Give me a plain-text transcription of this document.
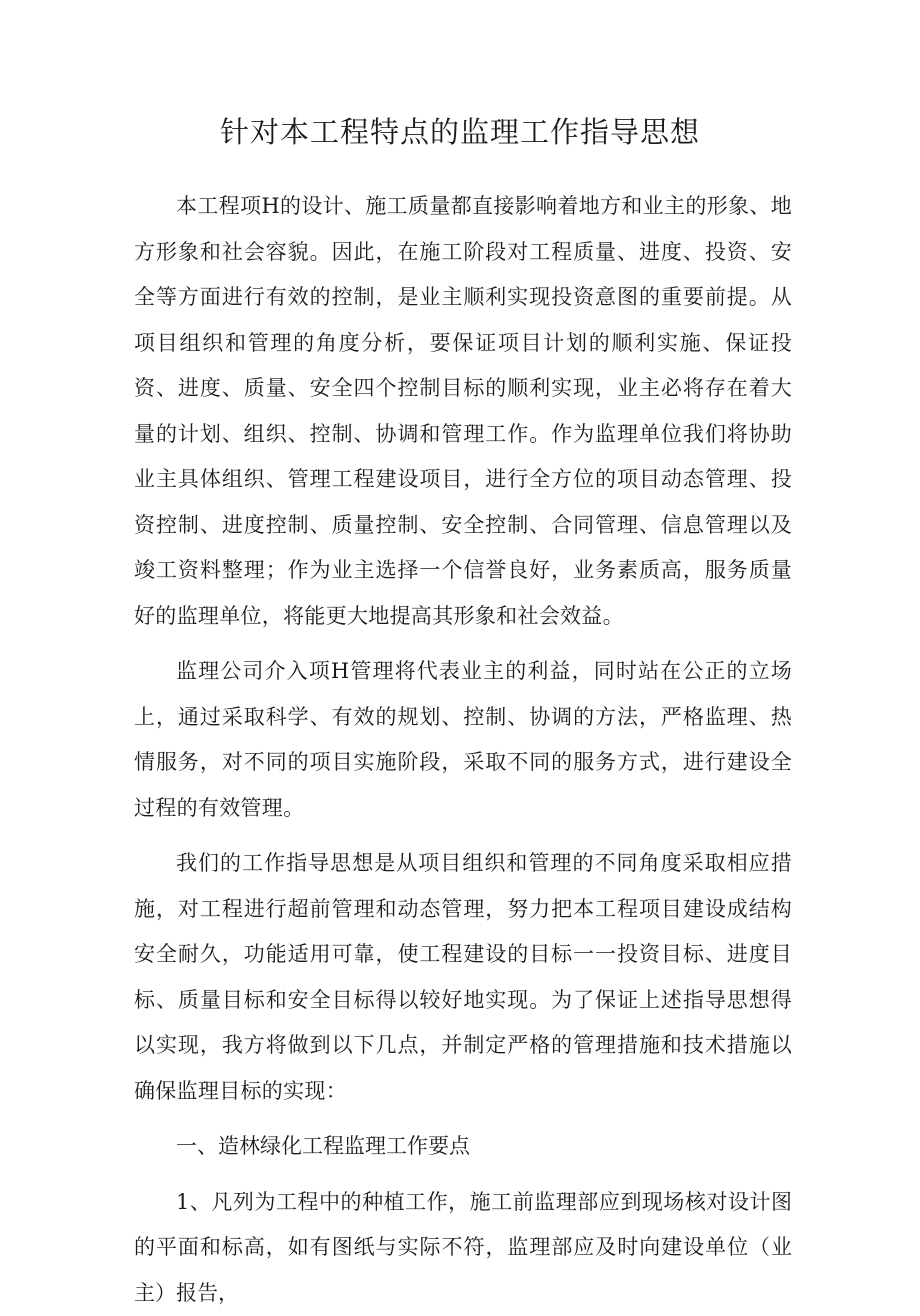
针对本工程特点的监理工作指导思想

本工程项H的设计、施工质量都直接影响着地方和业主的形象、地方形象和社会容貌。因此，在施工阶段对工程质量、进度、投资、安全等方面进行有效的控制，是业主顺利实现投资意图的重要前提。从项目组织和管理的角度分析，要保证项目计划的顺利实施、保证投资、进度、质量、安全四个控制目标的顺利实现，业主必将存在着大量的计划、组织、控制、协调和管理工作。作为监理单位我们将协助业主具体组织、管理工程建设项目，进行全方位的项目动态管理、投资控制、进度控制、质量控制、安全控制、合同管理、信息管理以及竣工资料整理；作为业主选择一个信誉良好，业务素质高，服务质量好的监理单位，将能更大地提高其形象和社会效益。

监理公司介入项H管理将代表业主的利益，同时站在公正的立场上，通过采取科学、有效的规划、控制、协调的方法，严格监理、热情服务，对不同的项目实施阶段，采取不同的服务方式，进行建设全过程的有效管理。

我们的工作指导思想是从项目组织和管理的不同角度采取相应措施，对工程进行超前管理和动态管理，努力把本工程项目建设成结构安全耐久，功能适用可靠，使工程建设的目标一一投资目标、进度目标、质量目标和安全目标得以较好地实现。为了保证上述指导思想得以实现，我方将做到以下几点，并制定严格的管理措施和技术措施以确保监理目标的实现：

一、造林绿化工程监理工作要点

1、凡列为工程中的种植工作，施工前监理部应到现场核对设计图的平面和标高，如有图纸与实际不符，监理部应及时向建设单位（业主）报告，
